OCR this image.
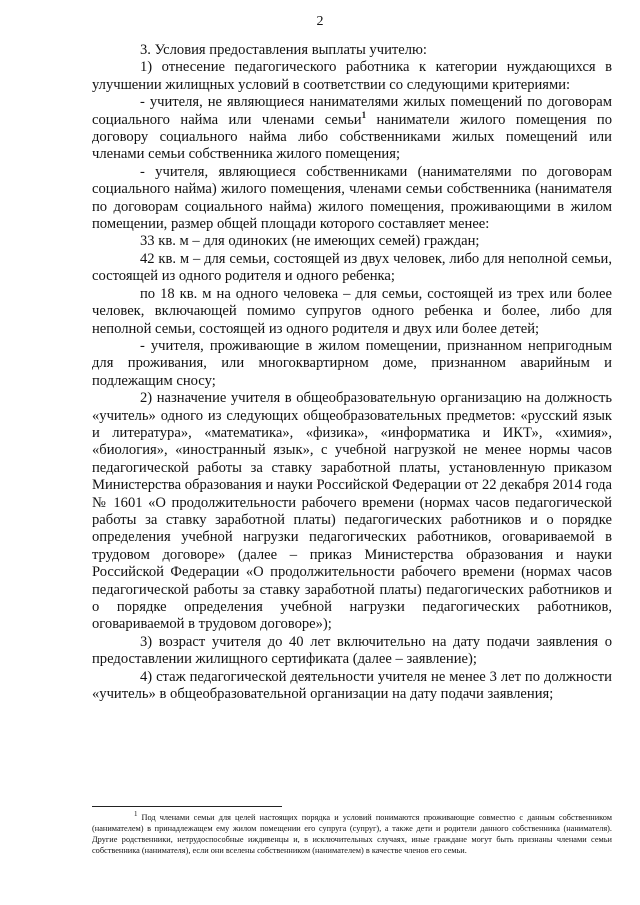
2

3. Условия предоставления выплаты учителю:

1) отнесение педагогического работника к категории нуждающихся в улучшении жилищных условий в соответствии со следующими критериями:

- учителя, не являющиеся нанимателями жилых помещений по договорам социального найма или членами семьи$^1$ наниматели жилого помещения по договору социального найма либо собственниками жилых помещений или членами семьи собственника жилого помещения;

- учителя, являющиеся собственниками (нанимателями по договорам социального найма) жилого помещения, членами семьи собственника (нанимателя по договорам социального найма) жилого помещения, проживающими в жилом помещении, размер общей площади которого составляет менее:

33 кв. м – для одиноких (не имеющих семей) граждан;

42 кв. м – для семьи, состоящей из двух человек, либо для неполной семьи, состоящей из одного родителя и одного ребенка;

по 18 кв. м на одного человека – для семьи, состоящей из трех или более человек, включающей помимо супругов одного ребенка и более, либо для неполной семьи, состоящей из одного родителя и двух или более детей;

- учителя, проживающие в жилом помещении, признанном непригодным для проживания, или многоквартирном доме, признанном аварийным и подлежащим сносу;

2) назначение учителя в общеобразовательную организацию на должность «учитель» одного из следующих общеобразовательных предметов: «русский язык и литература», «математика», «физика», «информатика и ИКТ», «химия», «биология», «иностранный язык», с учебной нагрузкой не менее нормы часов педагогической работы за ставку заработной платы, установленную приказом Министерства образования и науки Российской Федерации от 22 декабря 2014 года № 1601 «О продолжительности рабочего времени (нормах часов педагогической работы за ставку заработной платы) педагогических работников и о порядке определения учебной нагрузки педагогических работников, оговариваемой в трудовом договоре» (далее – приказ Министерства образования и науки Российской Федерации «О продолжительности рабочего времени (нормах часов педагогической работы за ставку заработной платы) педагогических работников и о порядке определения учебной нагрузки педагогических работников, оговариваемой в трудовом договоре»);

3) возраст учителя до 40 лет включительно на дату подачи заявления о предоставлении жилищного сертификата (далее – заявление);

4) стаж педагогической деятельности учителя не менее 3 лет по должности «учитель» в общеобразовательной организации на дату подачи заявления;

$^1$ Под членами семьи для целей настоящих порядка и условий понимаются проживающие совместно с данным собственником (нанимателем) в принадлежащем ему жилом помещении его супруга (супруг), а также дети и родители данного собственника (нанимателя). Другие родственники, нетрудоспособные иждивенцы и, в исключительных случаях, иные граждане могут быть признаны членами семьи собственника (нанимателя), если они вселены собственником (нанимателем) в качестве членов его семьи.
